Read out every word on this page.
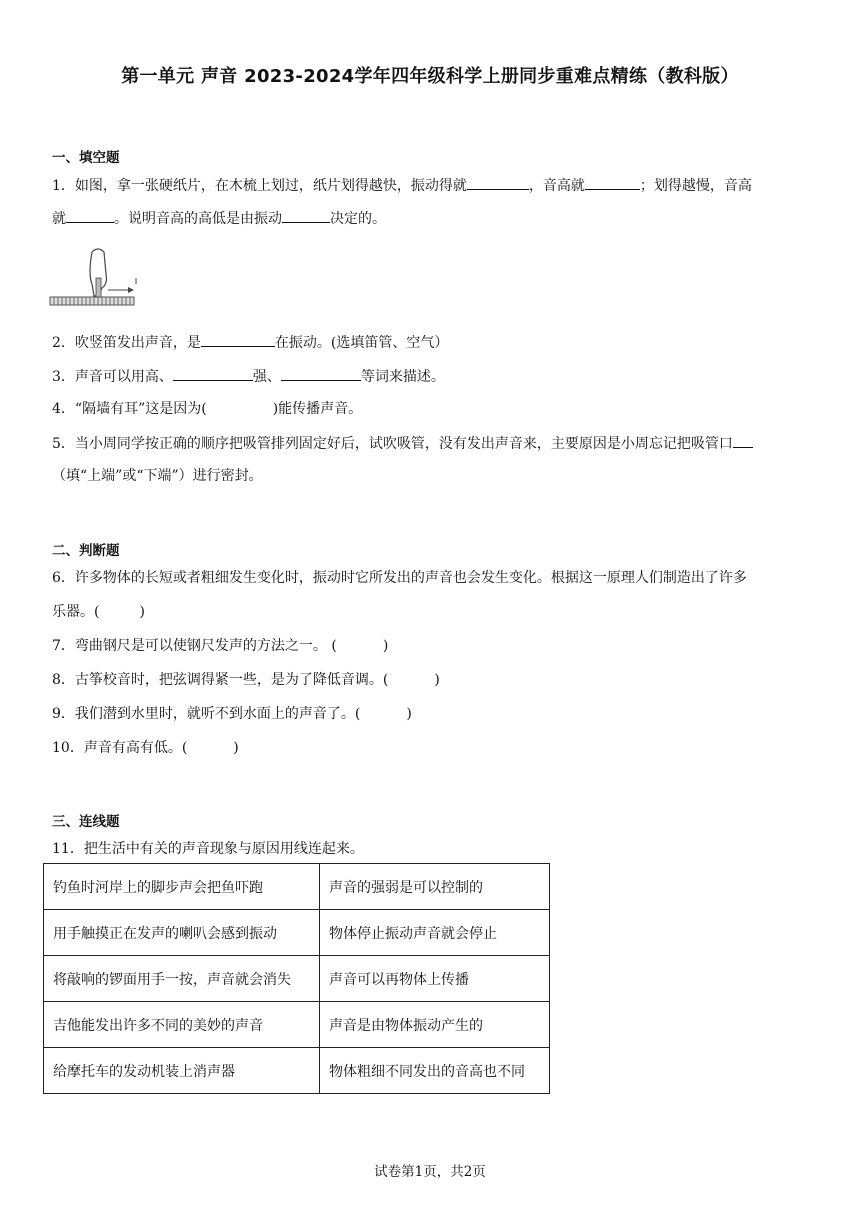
第一单元 声音 2023-2024学年四年级科学上册同步重难点精练（教科版）
一、填空题
1．如图，拿一张硬纸片，在木梳上划过，纸片划得越快，振动得就	，音高就	；划得越慢，音高
就	。说明音高的高低是由振动	决定的。
2．吹竖笛发出声音，是	在振动。(选填笛管、空气）
3．声音可以用高、	强、	等词来描述。
4．“隔墙有耳”这是因为(	)能传播声音。
5．当小周同学按正确的顺序把吸管排列固定好后，试吹吸管，没有发出声音来，主要原因是小周忘记把吸管口
（填“上端”或“下端”）进行密封。
二、判断题
6．许多物体的长短或者粗细发生变化时，振动时它所发出的声音也会发生变化。根据这一原理人们制造出了许多
乐器。(	)
7．弯曲钢尺是可以使钢尺发声的方法之一。 (	)
8．古筝校音时，把弦调得紧一些，是为了降低音调。(	)
9．我们潜到水里时，就听不到水面上的声音了。(	)
10．声音有高有低。(	)
三、连线题
11．把生活中有关的声音现象与原因用线连起来。
钓鱼时河岸上的脚步声会把鱼吓跑	声音的强弱是可以控制的
用手触摸正在发声的喇叭会感到振动	物体停止振动声音就会停止
将敲响的锣面用手一按，声音就会消失	声音可以再物体上传播
吉他能发出许多不同的美妙的声音	声音是由物体振动产生的
给摩托车的发动机装上消声器	物体粗细不同发出的音高也不同
试卷第1页，共2页
